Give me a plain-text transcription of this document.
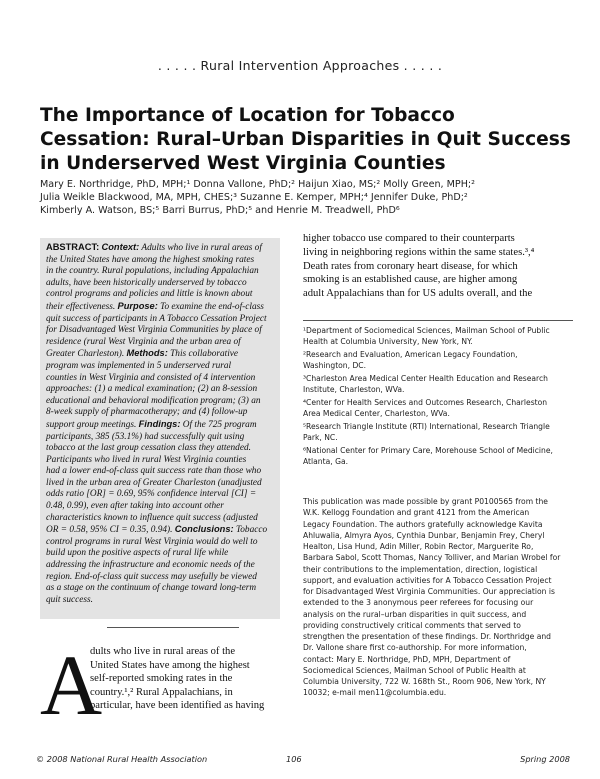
. . . . . Rural Intervention Approaches . . . . .
The Importance of Location for Tobacco
Cessation: Rural–Urban Disparities in Quit Success
in Underserved West Virginia Counties
Mary E. Northridge, PhD, MPH;¹ Donna Vallone, PhD;² Haijun Xiao, MS;² Molly Green, MPH;²
Julia Weikle Blackwood, MA, MPH, CHES;³ Suzanne E. Kemper, MPH;⁴ Jennifer Duke, PhD;²
Kimberly A. Watson, BS;⁵ Barri Burrus, PhD;⁵ and Henrie M. Treadwell, PhD⁶
ABSTRACT: Context: Adults who live in rural areas of
the United States have among the highest smoking rates
in the country. Rural populations, including Appalachian
adults, have been historically underserved by tobacco
control programs and policies and little is known about
their effectiveness. Purpose: To examine the end-of-class
quit success of participants in A Tobacco Cessation Project
for Disadvantaged West Virginia Communities by place of
residence (rural West Virginia and the urban area of
Greater Charleston). Methods: This collaborative
program was implemented in 5 underserved rural
counties in West Virginia and consisted of 4 intervention
approaches: (1) a medical examination; (2) an 8-session
educational and behavioral modification program; (3) an
8-week supply of pharmacotherapy; and (4) follow-up
support group meetings. Findings: Of the 725 program
participants, 385 (53.1%) had successfully quit using
tobacco at the last group cessation class they attended.
Participants who lived in rural West Virginia counties
had a lower end-of-class quit success rate than those who
lived in the urban area of Greater Charleston (unadjusted
odds ratio [OR] = 0.69, 95% confidence interval [CI] =
0.48, 0.99), even after taking into account other
characteristics known to influence quit success (adjusted
OR = 0.58, 95% CI = 0.35, 0.94). Conclusions: Tobacco
control programs in rural West Virginia would do well to
build upon the positive aspects of rural life while
addressing the infrastructure and economic needs of the
region. End-of-class quit success may usefully be viewed
as a stage on the continuum of change toward long-term
quit success.
A
dults who live in rural areas of the
United States have among the highest
self-reported smoking rates in the
country.¹,² Rural Appalachians, in
particular, have been identified as having
higher tobacco use compared to their counterparts
living in neighboring regions within the same states.³,⁴
Death rates from coronary heart disease, for which
smoking is an established cause, are higher among
adult Appalachians than for US adults overall, and the
¹Department of Sociomedical Sciences, Mailman School of Public
Health at Columbia University, New York, NY.
²Research and Evaluation, American Legacy Foundation,
Washington, DC.
³Charleston Area Medical Center Health Education and Research
Institute, Charleston, WVa.
⁴Center for Health Services and Outcomes Research, Charleston
Area Medical Center, Charleston, WVa.
⁵Research Triangle Institute (RTI) International, Research Triangle
Park, NC.
⁶National Center for Primary Care, Morehouse School of Medicine,
Atlanta, Ga.
This publication was made possible by grant P0100565 from the
W.K. Kellogg Foundation and grant 4121 from the American
Legacy Foundation. The authors gratefully acknowledge Kavita
Ahluwalia, Almyra Ayos, Cynthia Dunbar, Benjamin Frey, Cheryl
Healton, Lisa Hund, Adin Miller, Robin Rector, Marguerite Ro,
Barbara Sabol, Scott Thomas, Nancy Tolliver, and Marian Wrobel for
their contributions to the implementation, direction, logistical
support, and evaluation activities for A Tobacco Cessation Project
for Disadvantaged West Virginia Communities. Our appreciation is
extended to the 3 anonymous peer referees for focusing our
analysis on the rural–urban disparities in quit success, and
providing constructively critical comments that served to
strengthen the presentation of these findings. Dr. Northridge and
Dr. Vallone share first co-authorship. For more information,
contact: Mary E. Northridge, PhD, MPH, Department of
Sociomedical Sciences, Mailman School of Public Health at
Columbia University, 722 W. 168th St., Room 906, New York, NY
10032; e-mail men11@columbia.edu.
© 2008 National Rural Health Association	106	Spring 2008
